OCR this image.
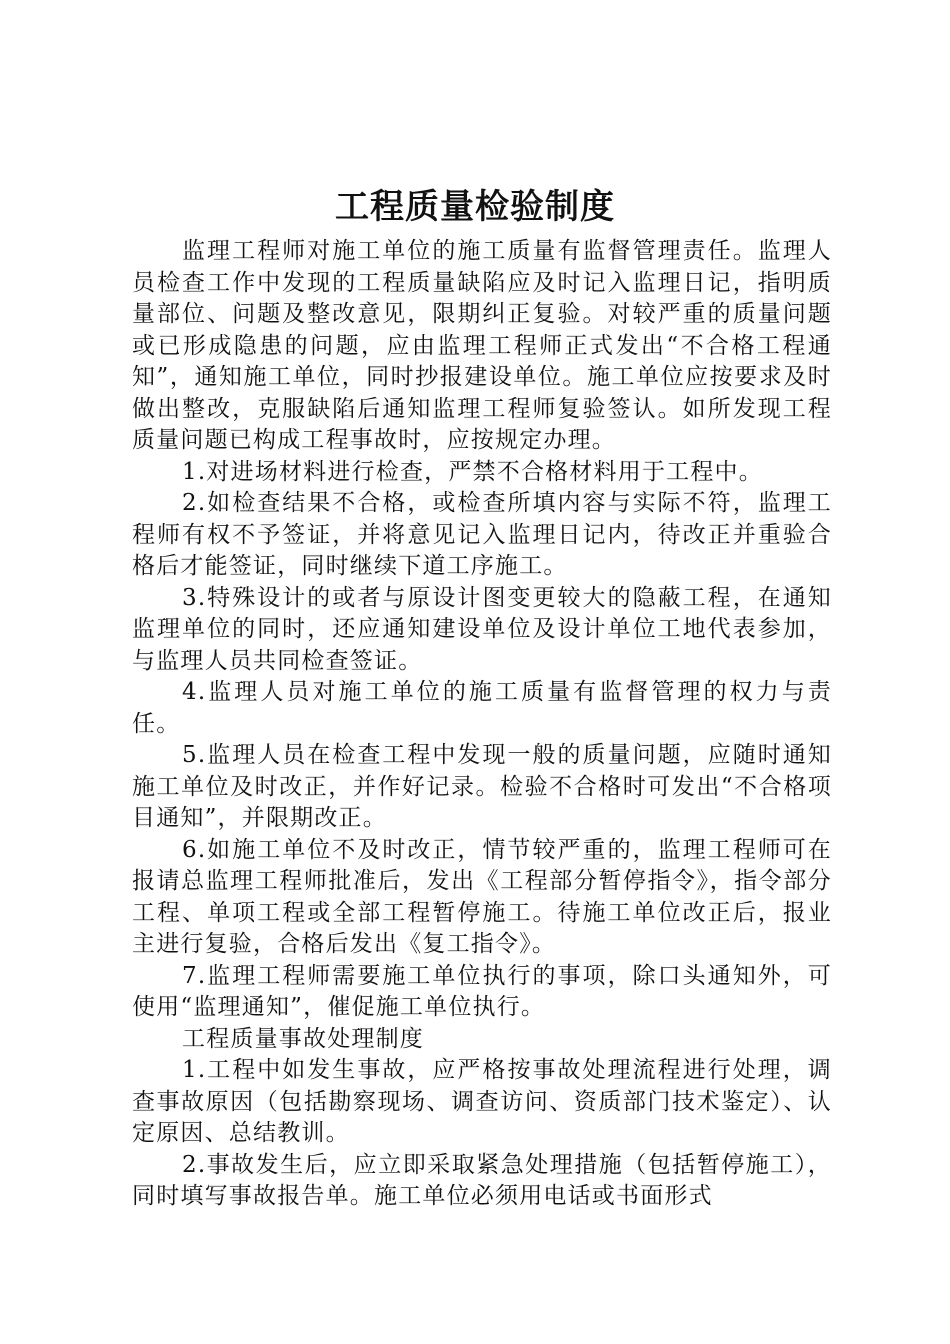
工程质量检验制度

监理工程师对施工单位的施工质量有监督管理责任。监理人员检查工作中发现的工程质量缺陷应及时记入监理日记，指明质量部位、问题及整改意见，限期纠正复验。对较严重的质量问题或已形成隐患的问题，应由监理工程师正式发出“不合格工程通知”，通知施工单位，同时抄报建设单位。施工单位应按要求及时做出整改，克服缺陷后通知监理工程师复验签认。如所发现工程质量问题已构成工程事故时，应按规定办理。

1.对进场材料进行检查，严禁不合格材料用于工程中。

2.如检查结果不合格，或检查所填内容与实际不符，监理工程师有权不予签证，并将意见记入监理日记内，待改正并重验合格后才能签证，同时继续下道工序施工。

3.特殊设计的或者与原设计图变更较大的隐蔽工程，在通知监理单位的同时，还应通知建设单位及设计单位工地代表参加，与监理人员共同检查签证。

4.监理人员对施工单位的施工质量有监督管理的权力与责任。

5.监理人员在检查工程中发现一般的质量问题，应随时通知施工单位及时改正，并作好记录。检验不合格时可发出“不合格项目通知”，并限期改正。

6.如施工单位不及时改正，情节较严重的，监理工程师可在报请总监理工程师批准后，发出《工程部分暂停指令》，指令部分工程、单项工程或全部工程暂停施工。待施工单位改正后，报业主进行复验，合格后发出《复工指令》。

7.监理工程师需要施工单位执行的事项，除口头通知外，可使用“监理通知”，催促施工单位执行。

工程质量事故处理制度

1.工程中如发生事故，应严格按事故处理流程进行处理，调查事故原因（包括勘察现场、调查访问、资质部门技术鉴定）、认定原因、总结教训。

2.事故发生后，应立即采取紧急处理措施（包括暂停施工），同时填写事故报告单。施工单位必须用电话或书面形式
